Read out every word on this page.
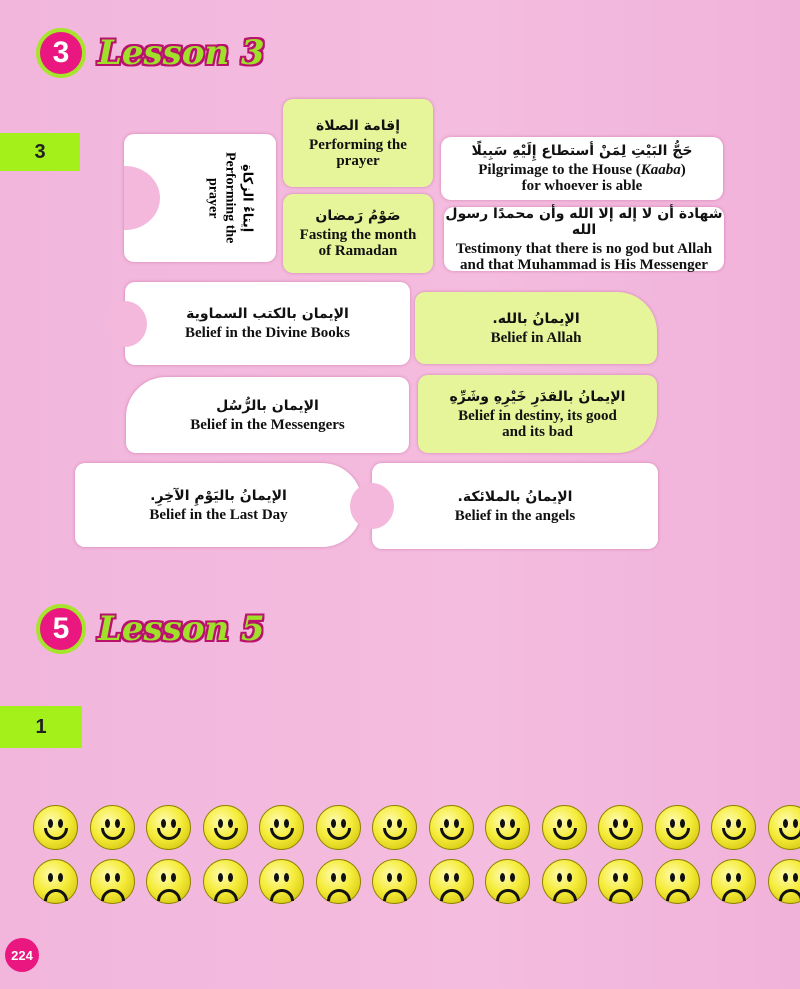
3 Lesson 3
3
إيتاءُ الزكاةِ
Performing the prayer
إقامة الصلاة
Performing the prayer
صَوْمُ رَمضان
Fasting the month of Ramadan
حَجُّ البَيْتِ لِمَنْ أستطاع إِلَيْهِ سَبِيلًا
Pilgrimage to the House (Kaaba) for whoever is able
شهادة أن لا إله إلا الله وأن محمدًا رسول الله
Testimony that there is no god but Allah and that Muhammad is His Messenger
الإيمان بالكتب السماوية
Belief in the Divine Books
الإيمانُ بالله.
Belief in Allah
الإيمان بالرُّسُل
Belief in the Messengers
الإيمانُ بالقدَرِ خَيْرِهِ وشَرِّهِ
Belief in destiny, its good and its bad
الإيمانُ باليَوْمِ الآخِرِ.
Belief in the Last Day
الإيمانُ بالملائكة.
Belief in the angels
5 Lesson 5
1
224
